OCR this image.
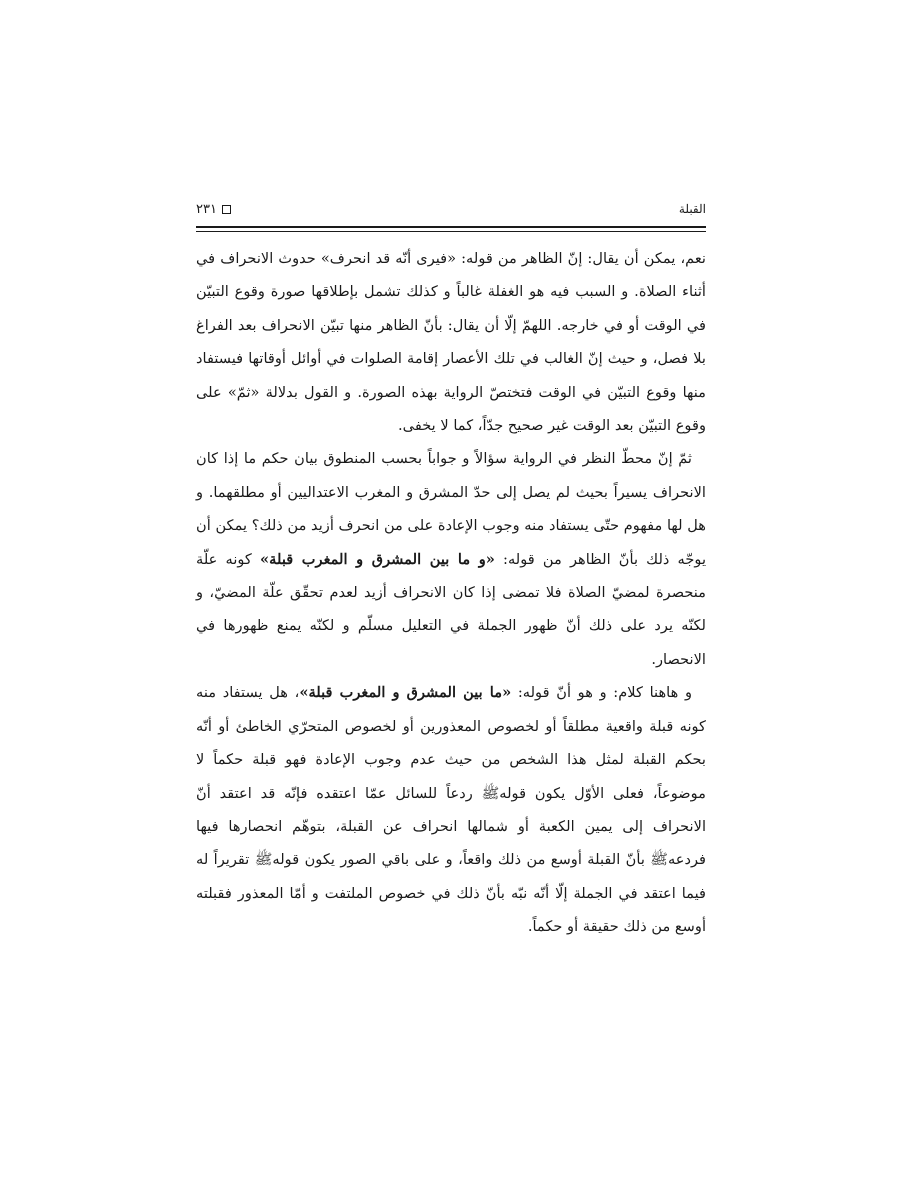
٢٣١	القبلة

نعم، يمكن أن يقال: إنّ الظاهر من قوله: «فيرى أنّه قد انحرف» حدوث الانحراف في أثناء الصلاة. و السبب فيه هو الغفلة غالباً و كذلك تشمل بإطلاقها صورة وقوع التبيّن في الوقت أو في خارجه. اللهمّ إلّا أن يقال: بأنّ الظاهر منها تبيّن الانحراف بعد الفراغ بلا فصل، و حيث إنّ الغالب في تلك الأعصار إقامة الصلوات في أوائل أوقاتها فيستفاد منها وقوع التبيّن في الوقت فتختصّ الرواية بهذه الصورة. و القول بدلالة «ثمّ» على وقوع التبيّن بعد الوقت غير صحيح جدّاً، كما لا يخفى.

ثمّ إنّ محطّ النظر في الرواية سؤالاً و جواباً بحسب المنطوق بيان حكم ما إذا كان الانحراف يسيراً بحيث لم يصل إلى حدّ المشرق و المغرب الاعتداليين أو مطلقهما. و هل لها مفهوم حتّى يستفاد منه وجوب الإعادة على من انحرف أزيد من ذلك؟ يمكن أن يوجّه ذلك بأنّ الظاهر من قوله: «و ما بين المشرق و المغرب قبلة» كونه علّة منحصرة لمضيّ الصلاة فلا تمضى إذا كان الانحراف أزيد لعدم تحقّق علّة المضيّ، و لكنّه يرد على ذلك أنّ ظهور الجملة في التعليل مسلّم و لكنّه يمنع ظهورها في الانحصار.

و هاهنا كلام: و هو أنّ قوله: «ما بين المشرق و المغرب قبلة»، هل يستفاد منه كونه قبلة واقعية مطلقاً أو لخصوص المعذورين أو لخصوص المتحرّي الخاطئ أو أنّه بحكم القبلة لمثل هذا الشخص من حيث عدم وجوب الإعادة فهو قبلة حكماً لا موضوعاً، فعلى الأوّل يكون قولهﷺ ردعاً للسائل عمّا اعتقده فإنّه قد اعتقد أنّ الانحراف إلى يمين الكعبة أو شمالها انحراف عن القبلة، بتوهّم انحصارها فيها فردعهﷺ بأنّ القبلة أوسع من ذلك واقعاً، و على باقي الصور يكون قولهﷺ تقريراً له فيما اعتقد في الجملة إلّا أنّه نبّه بأنّ ذلك في خصوص الملتفت و أمّا المعذور فقبلته أوسع من ذلك حقيقة أو حكماً.
